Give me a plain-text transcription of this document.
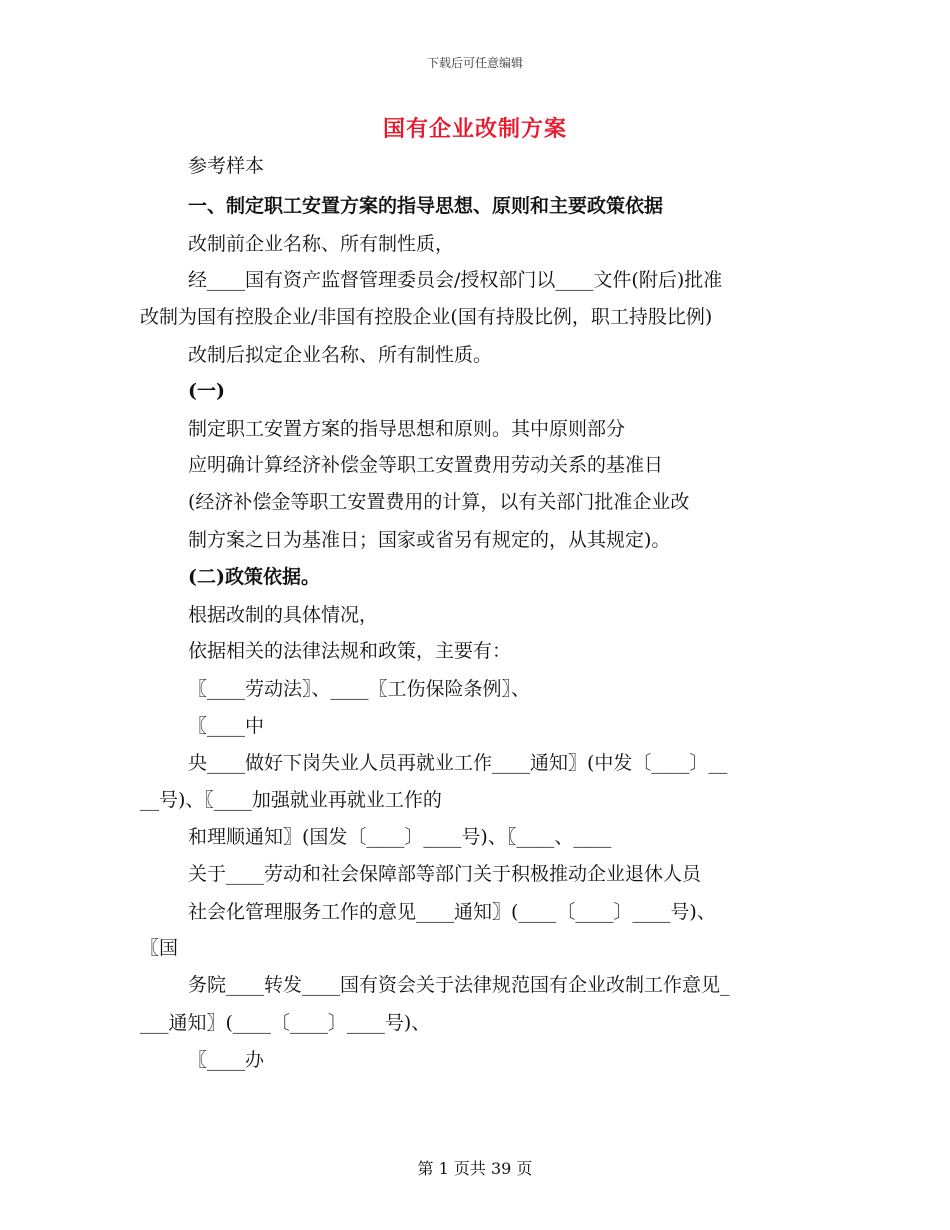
下载后可任意编辑
国有企业改制方案
参考样本
一、制定职工安置方案的指导思想、原则和主要政策依据
改制前企业名称、所有制性质，
经____国有资产监督管理委员会/授权部门以____文件(附后)批准
改制为国有控股企业/非国有控股企业(国有持股比例，职工持股比例)
改制后拟定企业名称、所有制性质。
(一)
制定职工安置方案的指导思想和原则。其中原则部分
应明确计算经济补偿金等职工安置费用劳动关系的基准日
(经济补偿金等职工安置费用的计算，以有关部门批准企业改
制方案之日为基准日；国家或省另有规定的，从其规定)。
(二)政策依据。
根据改制的具体情况，
依据相关的法律法规和政策，主要有：
〖____劳动法〗、____〖工伤保险条例〗、
〖____中
央____做好下岗失业人员再就业工作____通知〗(中发〔____〕__
__号)、〖____加强就业再就业工作的
和理顺通知〗(国发〔____〕____号)、〖____、____
关于____劳动和社会保障部等部门关于积极推动企业退休人员
社会化管理服务工作的意见____通知〗(____〔____〕____号)、
〖国
务院____转发____国有资会关于法律规范国有企业改制工作意见_
___通知〗(____〔____〕____号)、
〖____办
第 1 页共 39 页
